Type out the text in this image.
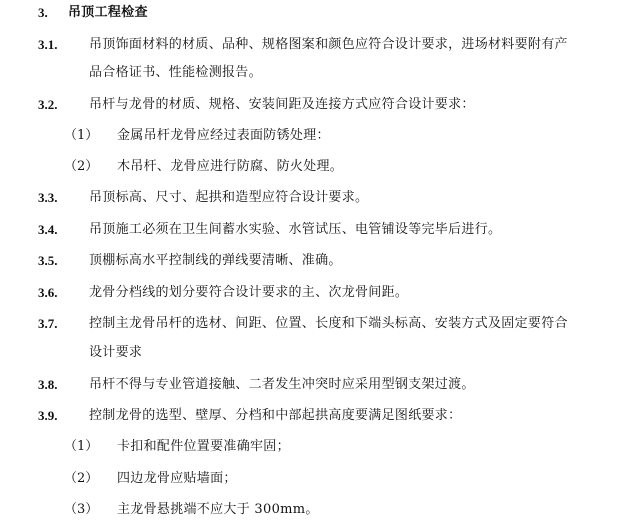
3. 吊顶工程检查
3.1. 吊顶饰面材料的材质、品种、规格图案和颜色应符合设计要求，进场材料要附有产
品合格证书、性能检测报告。
3.2. 吊杆与龙骨的材质、规格、安装间距及连接方式应符合设计要求：
（1） 金属吊杆龙骨应经过表面防锈处理：
（2） 木吊杆、龙骨应进行防腐、防火处理。
3.3. 吊顶标高、尺寸、起拱和造型应符合设计要求。
3.4. 吊顶施工必须在卫生间蓄水实验、水管试压、电管铺设等完毕后进行。
3.5. 顶棚标高水平控制线的弹线要清晰、准确。
3.6. 龙骨分档线的划分要符合设计要求的主、次龙骨间距。
3.7. 控制主龙骨吊杆的选材、间距、位置、长度和下端头标高、安装方式及固定要符合
设计要求
3.8. 吊杆不得与专业管道接触、二者发生冲突时应采用型钢支架过渡。
3.9. 控制龙骨的选型、壁厚、分档和中部起拱高度要满足图纸要求：
（1） 卡扣和配件位置要准确牢固；
（2） 四边龙骨应贴墙面；
（3） 主龙骨悬挑端不应大于 300mm。
